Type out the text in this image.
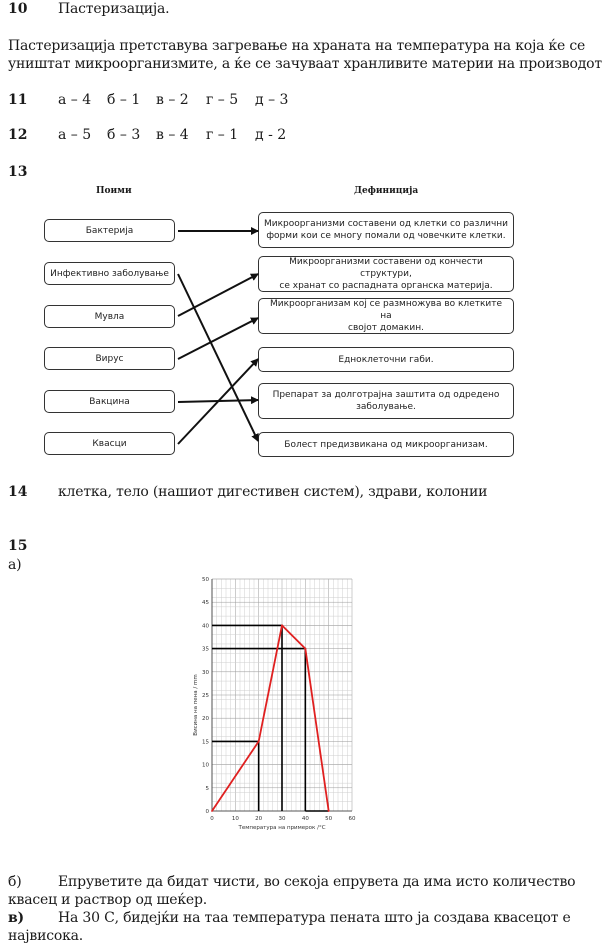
10 Пастеризација.
Пастеризација претставува загревање на храната на температура на која ќе се
уништат микроорганизмите, а ќе се зачуваат хранливите материи на производот
11 а – 4 б – 1 в – 2 г – 5 д – 3
12 а – 5 б – 3 в – 4 г – 1 д - 2
13
Поими	Дефиниција
Бактерија
Инфективно заболување
Мувла
Вирус
Вакцина
Квасци
Микроорганизми составени од клетки со различни
форми кои се многу помали од човечките клетки.
Микроорганизми составени од кончести структури,
се хранат со распадната органска материја.
Микроорганизам кој се размножува во клетките на
својот домакин.
Едноклеточни габи.
Препарат за долготрајна заштита од одредено
заболување.
Болест предизвикана од микроорганизам.
14 клетка, тело (нашиот дигестивен систем), здрави, колонии
15
а)
0	10	20	30	40	50	60
0
5
10
15
20
25
30
35
40
45
50
Температура на примерок /°C
Висина на пена / mm
б)	Епруветите да бидат чисти, во секоја епрувета да има исто количество
квасец и раствор од шеќер.
в) На 30 С, бидејќи на таа температура пената што ја создава квасецот е
највисока.
